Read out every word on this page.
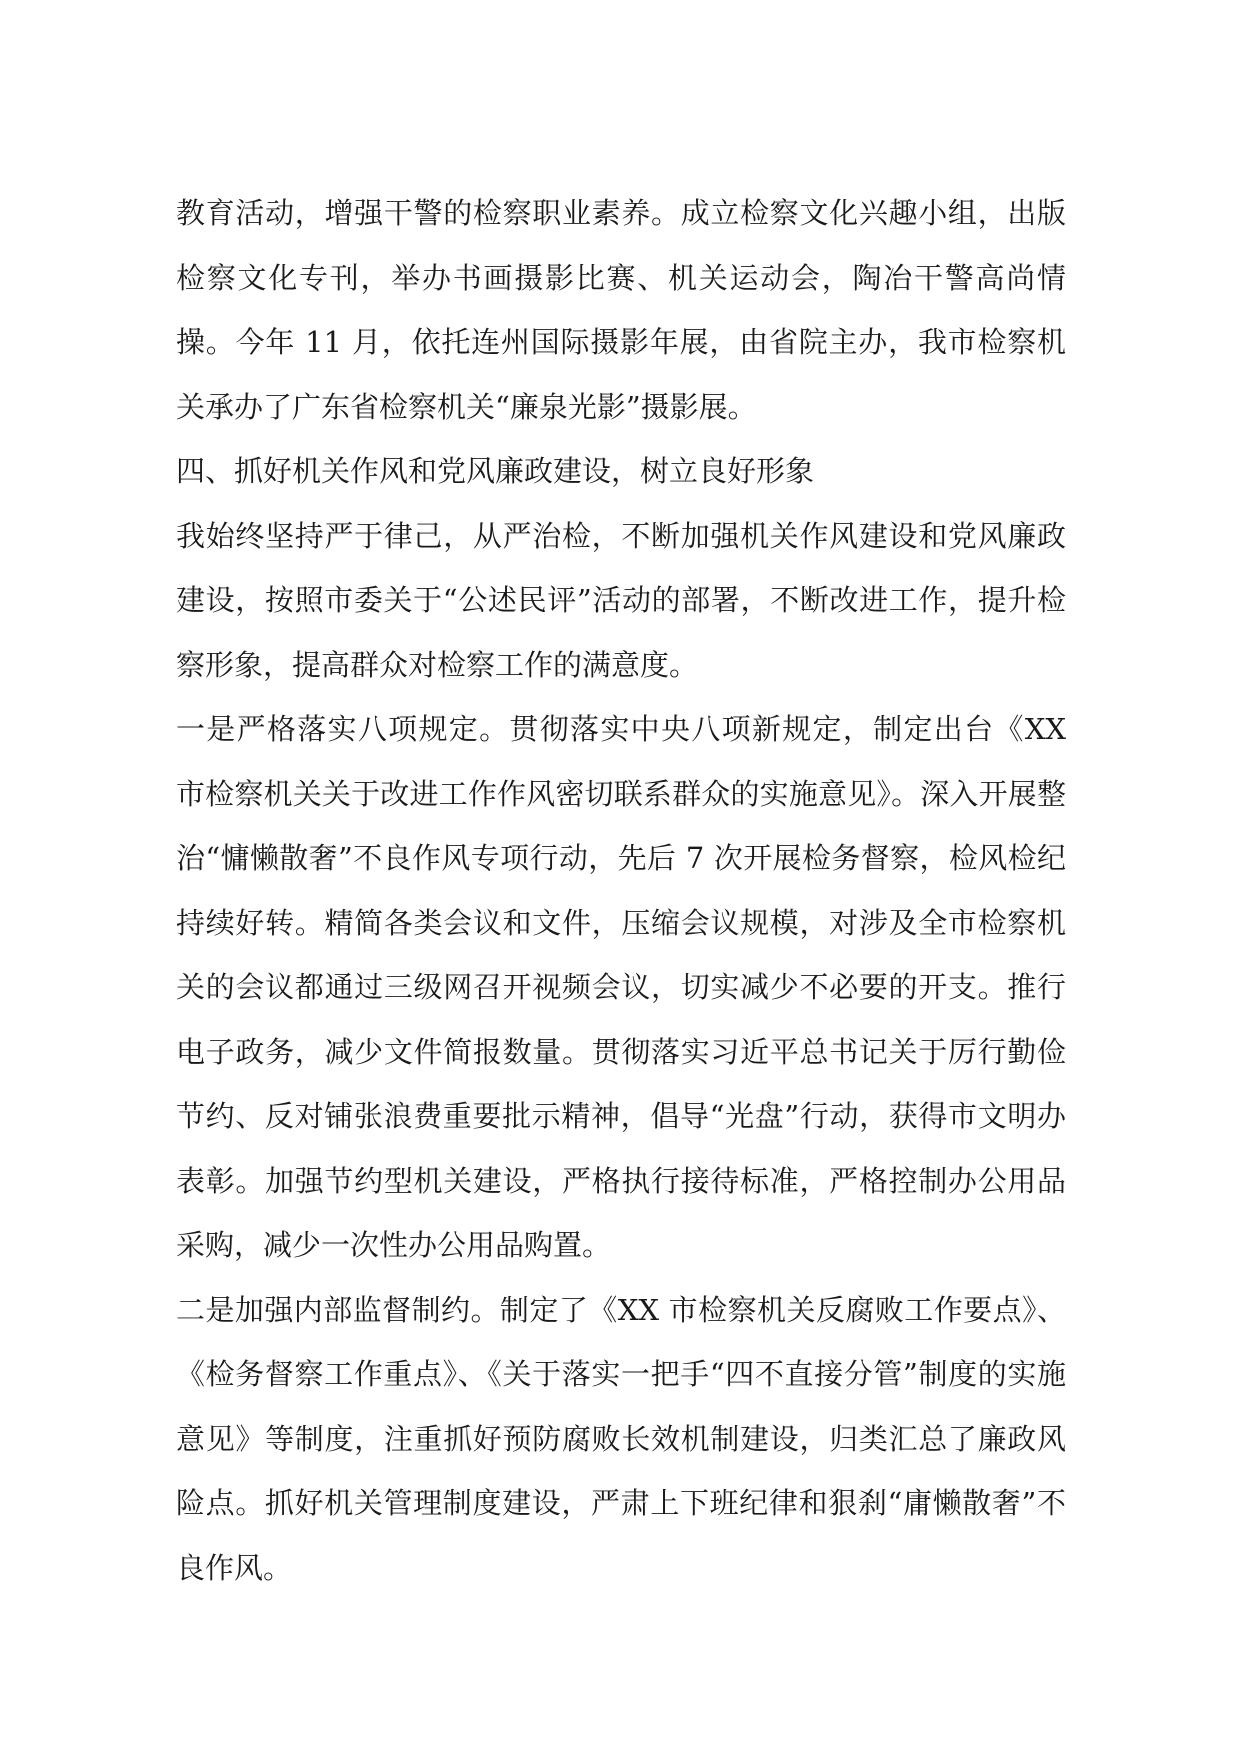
教育活动，增强干警的检察职业素养。成立检察文化兴趣小组，出版检察文化专刊，举办书画摄影比赛、机关运动会，陶冶干警高尚情操。今年 11 月，依托连州国际摄影年展，由省院主办，我市检察机关承办了广东省检察机关“廉泉光影”摄影展。

四、抓好机关作风和党风廉政建设，树立良好形象

我始终坚持严于律己，从严治检，不断加强机关作风建设和党风廉政建设，按照市委关于“公述民评”活动的部署，不断改进工作，提升检察形象，提高群众对检察工作的满意度。

一是严格落实八项规定。贯彻落实中央八项新规定，制定出台《XX 市检察机关关于改进工作作风密切联系群众的实施意见》。深入开展整治“慵懒散奢”不良作风专项行动，先后 7 次开展检务督察，检风检纪持续好转。精简各类会议和文件，压缩会议规模，对涉及全市检察机关的会议都通过三级网召开视频会议，切实减少不必要的开支。推行电子政务，减少文件简报数量。贯彻落实习近平总书记关于厉行勤俭节约、反对铺张浪费重要批示精神，倡导“光盘”行动，获得市文明办表彰。加强节约型机关建设，严格执行接待标准，严格控制办公用品采购，减少一次性办公用品购置。

二是加强内部监督制约。制定了《XX 市检察机关反腐败工作要点》、《检务督察工作重点》、《关于落实一把手“四不直接分管”制度的实施意见》等制度，注重抓好预防腐败长效机制建设，归类汇总了廉政风险点。抓好机关管理制度建设，严肃上下班纪律和狠刹“庸懒散奢”不良作风。
